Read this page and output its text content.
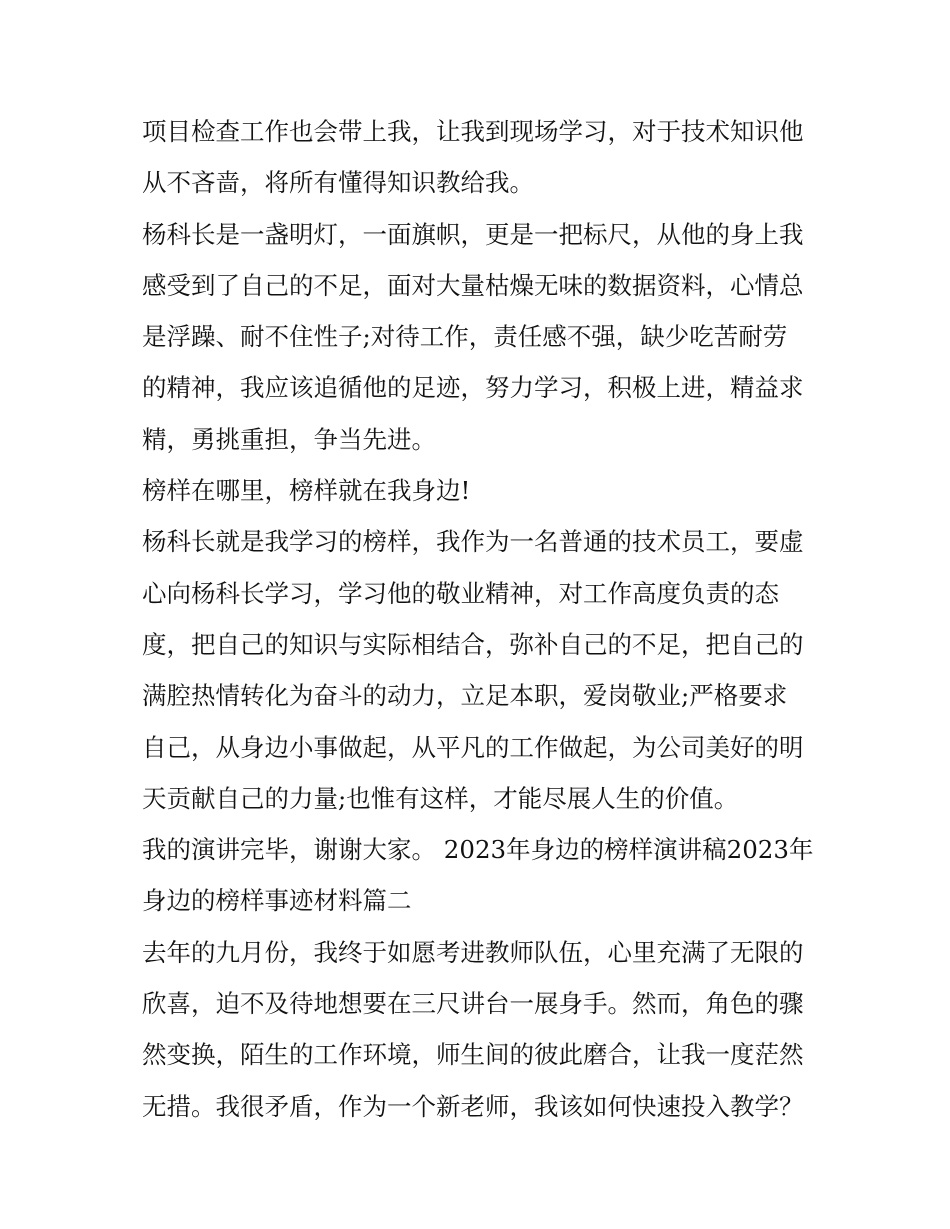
项目检查工作也会带上我，让我到现场学习，对于技术知识他
从不吝啬，将所有懂得知识教给我。
杨科长是一盏明灯，一面旗帜，更是一把标尺，从他的身上我
感受到了自己的不足，面对大量枯燥无味的数据资料，心情总
是浮躁、耐不住性子;对待工作，责任感不强，缺少吃苦耐劳
的精神，我应该追循他的足迹，努力学习，积极上进，精益求
精，勇挑重担，争当先进。
榜样在哪里，榜样就在我身边!
杨科长就是我学习的榜样，我作为一名普通的技术员工，要虚
心向杨科长学习，学习他的敬业精神，对工作高度负责的态
度，把自己的知识与实际相结合，弥补自己的不足，把自己的
满腔热情转化为奋斗的动力，立足本职，爱岗敬业;严格要求
自己，从身边小事做起，从平凡的工作做起，为公司美好的明
天贡献自己的力量;也惟有这样，才能尽展人生的价值。
我的演讲完毕，谢谢大家。 2023年身边的榜样演讲稿2023年
身边的榜样事迹材料篇二
去年的九月份，我终于如愿考进教师队伍，心里充满了无限的
欣喜，迫不及待地想要在三尺讲台一展身手。然而，角色的骤
然变换，陌生的工作环境，师生间的彼此磨合，让我一度茫然
无措。我很矛盾，作为一个新老师，我该如何快速投入教学？
